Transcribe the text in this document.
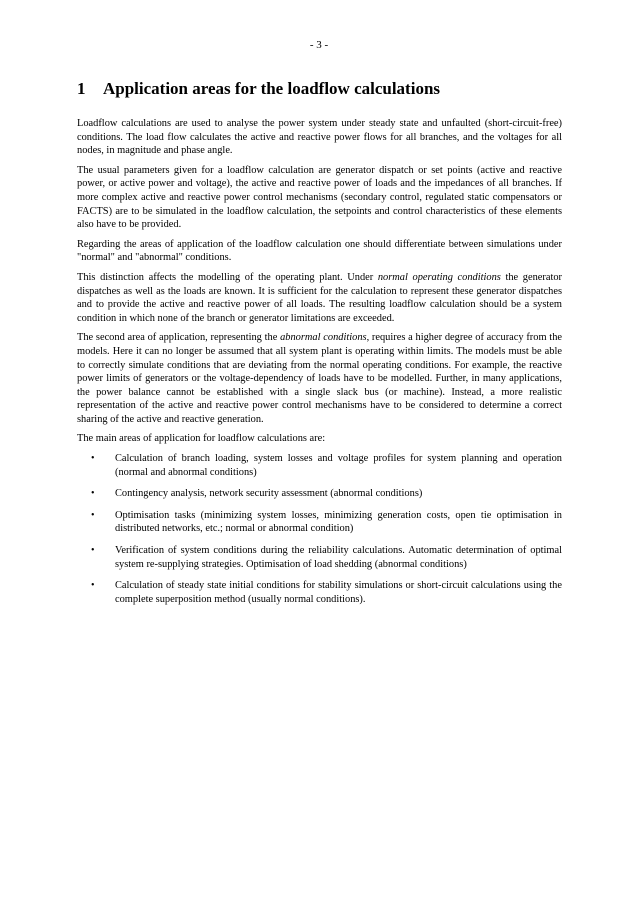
- 3 -
1	Application areas for the loadflow calculations

Loadflow calculations are used to analyse the power system under steady state and unfaulted (short-circuit-free) conditions. The load flow calculates the active and reactive power flows for all branches, and the voltages for all nodes, in magnitude and phase angle.

The usual parameters given for a loadflow calculation are generator dispatch or set points (active and reactive power, or active power and voltage), the active and reactive power of loads and the impedances of all branches. If more complex active and reactive power control mechanisms (secondary control, regulated static compensators or FACTS) are to be simulated in the loadflow calculation, the setpoints and control characteristics of these elements also have to be provided.

Regarding the areas of application of the loadflow calculation one should differentiate between simulations under "normal" and "abnormal" conditions.

This distinction affects the modelling of the operating plant. Under normal operating conditions the generator dispatches as well as the loads are known. It is sufficient for the calculation to represent these generator dispatches and to provide the active and reactive power of all loads. The resulting loadflow calculation should be a system condition in which none of the branch or generator limitations are exceeded.

The second area of application, representing the abnormal conditions, requires a higher degree of accuracy from the models. Here it can no longer be assumed that all system plant is operating within limits. The models must be able to correctly simulate conditions that are deviating from the normal operating conditions. For example, the reactive power limits of generators or the voltage-dependency of loads have to be modelled. Further, in many applications, the power balance cannot be established with a single slack bus (or machine). Instead, a more realistic representation of the active and reactive power control mechanisms have to be considered to determine a correct sharing of the active and reactive generation.

The main areas of application for loadflow calculations are:

•	Calculation of branch loading, system losses and voltage profiles for system planning and operation (normal and abnormal conditions)
•	Contingency analysis, network security assessment (abnormal conditions)
•	Optimisation tasks (minimizing system losses, minimizing generation costs, open tie optimisation in distributed networks, etc.; normal or abnormal condition)
•	Verification of system conditions during the reliability calculations. Automatic determination of optimal system re-supplying strategies. Optimisation of load shedding (abnormal conditions)
•	Calculation of steady state initial conditions for stability simulations or short-circuit calculations using the complete superposition method (usually normal conditions).
